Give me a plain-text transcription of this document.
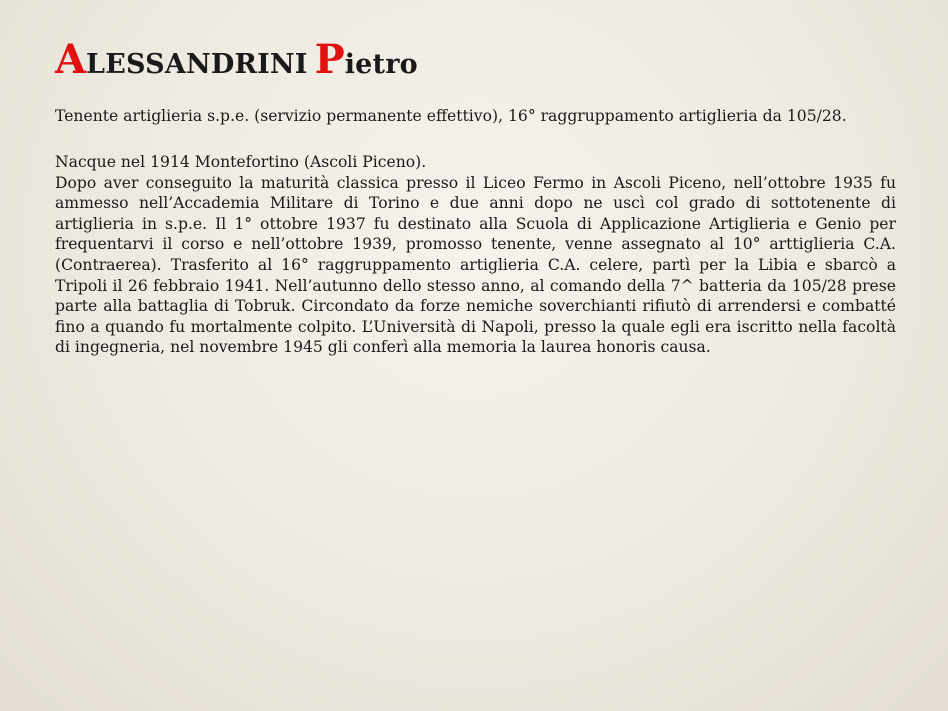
ALESSANDRINI Pietro

Tenente artiglieria s.p.e. (servizio permanente effettivo), 16° raggruppamento artiglieria da 105/28.

Nacque nel 1914 Montefortino (Ascoli Piceno).

Dopo aver conseguito la maturità classica presso il Liceo Fermo in Ascoli Piceno, nell’ottobre 1935 fu ammesso nell’Accademia Militare di Torino e due anni dopo ne uscì col grado di sottotenente di artiglieria in s.p.e. Il 1° ottobre 1937 fu destinato alla Scuola di Applicazione Artiglieria e Genio per frequentarvi il corso e nell’ottobre 1939, promosso tenente, venne assegnato al 10° arttiglieria C.A. (Contraerea). Trasferito al 16° raggruppamento artiglieria C.A. celere, partì per la Libia e sbarcò a Tripoli il 26 febbraio 1941. Nell’autunno dello stesso anno, al comando della 7^ batteria da 105/28 prese parte alla battaglia di Tobruk. Circondato da forze nemiche soverchianti rifiutò di arrendersi e combatté fino a quando fu mortalmente colpito. L’Università di Napoli, presso la quale egli era iscritto nella facoltà di ingegneria, nel novembre 1945 gli conferì alla memoria la laurea honoris causa.
